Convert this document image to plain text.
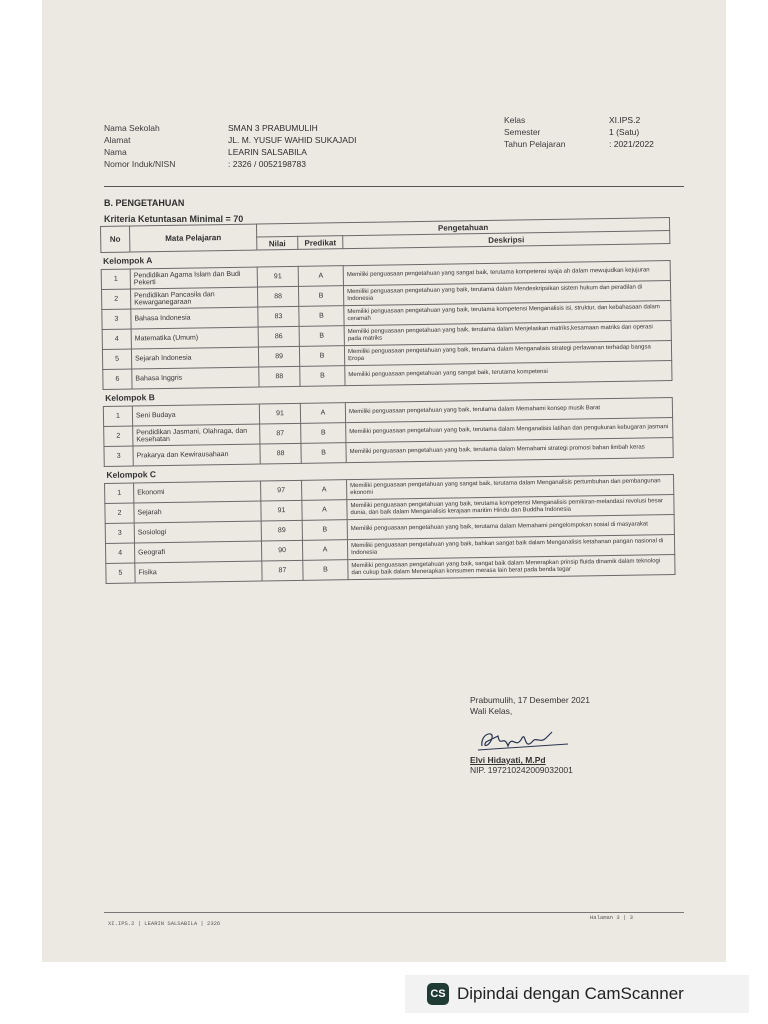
Nama Sekolah	SMAN 3 PRABUMULIH
Alamat	JL. M. YUSUF WAHID SUKAJADI
Nama	LEARIN SALSABILA
Nomor Induk/NISN	: 2326 / 0052198783
Kelas	XI.IPS.2
Semester	1 (Satu)
Tahun Pelajaran	: 2021/2022
B. PENGETAHUAN
Kriteria Ketuntasan Minimal = 70
No	Mata Pelajaran	Pengetahuan		
		Nilai	Predikat	Deskripsi
Kelompok A				
1	Pendidikan Agama Islam dan Budi Pekerti	91	A	Memiliki penguasaan pengetahuan yang sangat baik, terutama kompetensi syaja ah dalam mewujudkan kejujuran
2	Pendidikan Pancasila dan Kewarganegaraan	88	B	Memiliki penguasaan pengetahuan yang baik, terutama dalam Mendeskripsikan sistem hukum dan peradilan di Indonesia
3	Bahasa Indonesia	83	B	Memiliki penguasaan pengetahuan yang baik, terutama kompetensi Menganalisis isi, struktur, dan kebahasaan dalam ceramah
4	Matematika (Umum)	86	B	Memiliki penguasaan pengetahuan yang baik, terutama dalam Menjelaskan matriks,kesamaan matriks dan operasi pada matriks
5	Sejarah Indonesia	89	B	Memiliki penguasaan pengetahuan yang baik, terutama dalam Menganalisis strategi perlawanan terhadap bangsa Eropa
6	Bahasa Inggris	88	B	Memiliki penguasaan pengetahuan yang sangat baik, terutama kompetensi
Kelompok B				
1	Seni Budaya	91	A	Memiliki penguasaan pengetahuan yang baik, terutama dalam Memahami konsep musik Barat
2	Pendidikan Jasmani, Olahraga, dan Kesehatan	87	B	Memiliki penguasaan pengetahuan yang baik, terutama dalam Menganalisis latihan dan pengukuran kebugaran jasmani
3	Prakarya dan Kewirausahaan	88	B	Memiliki penguasaan pengetahuan yang baik, terutama dalam Memahami strategi promosi bahan limbah keras
Kelompok C				
1	Ekonomi	97	A	Memiliki penguasaan pengetahuan yang sangat baik, terutama dalam Menganalisis pertumbuhan dan pembangunan ekonomi
2	Sejarah	91	A	Memiliki penguasaan pengetahuan yang baik, terutama kompetensi Menganalisis pemikiran-melandasi revolusi besar dunia, dan baik dalam Menganalisis kerajaan maritim Hindu dan Buddha Indonesia
3	Sosiologi	89	B	Memiliki penguasaan pengetahuan yang baik, terutama dalam Memahami pengelompokan sosial di masyarakat
4	Geografi	90	A	Memiliki penguasaan pengetahuan yang baik, bahkan sangat baik dalam Menganalisis ketahanan pangan nasional di Indonesia
5	Fisika	87	B	Memiliki penguasaan pengetahuan yang baik, sangat baik dalam Menerapkan prinsip fluida dinamik dalam teknologi dan cukup baik dalam Menerapkan konsumen merasa lain berat pada benda tegar
Prabumulih, 17 Desember 2021
Wali Kelas,
Elvi Hidayati, M.Pd
NIP. 197210242009032001
XI.IPS.2 | LEARIN SALSABILA | 2326
Halaman 3 | 3
CS Dipindai dengan CamScanner
